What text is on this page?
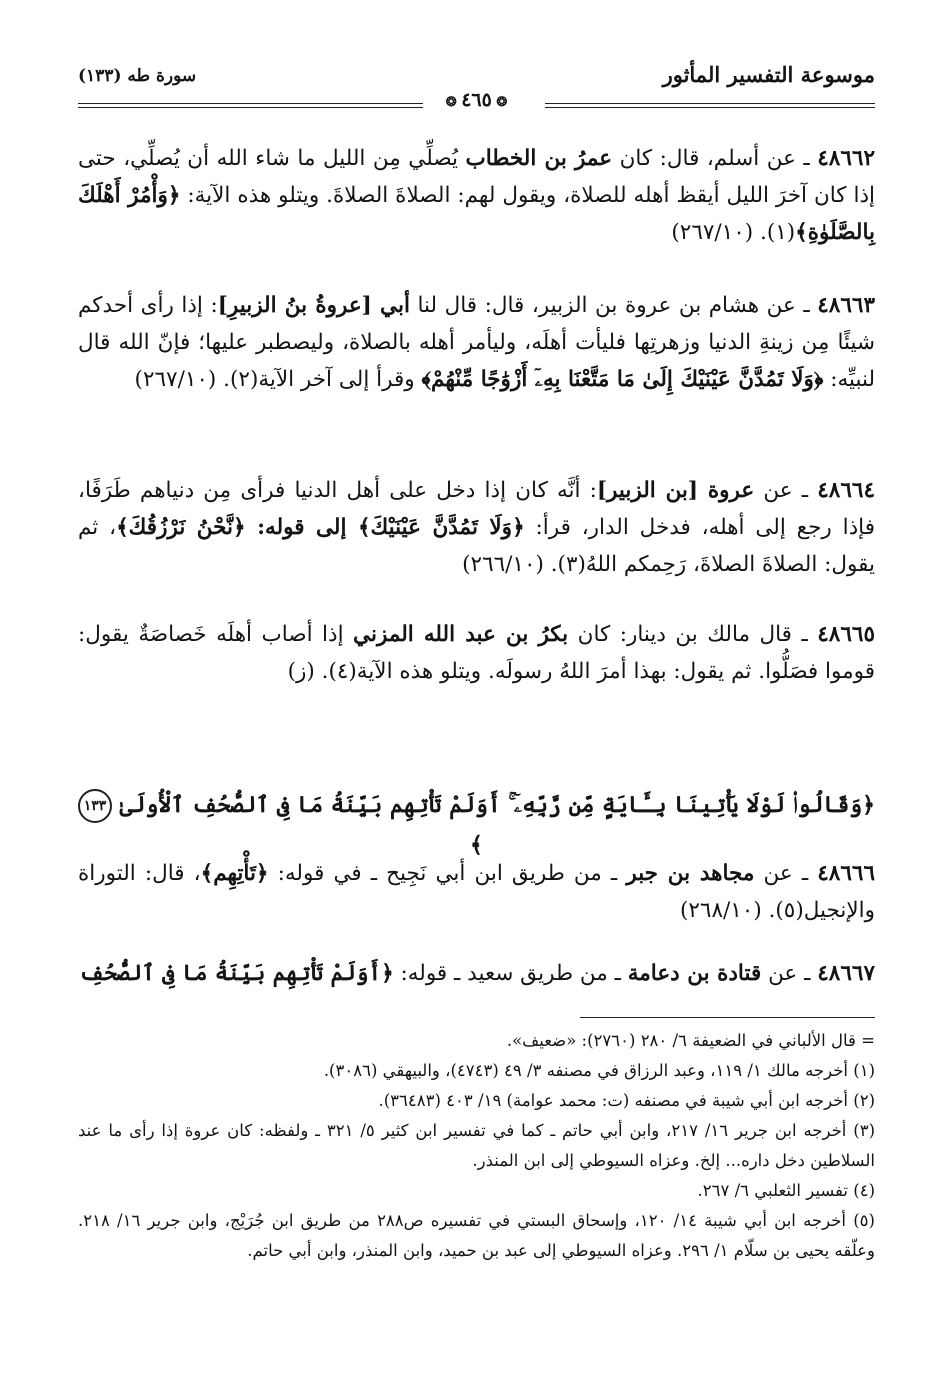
موسوعة التفسير المأثور
سورة طه (١٣٣)
❂ ٤٦٥ ❂

٤٨٦٦٢ ـ عن أسلم، قال: كان عمرُ بن الخطاب يُصلِّي مِن الليل ما شاء الله أن يُصلِّي، حتى إذا كان آخرَ الليل أيقظ أهله للصلاة، ويقول لهم: الصلاةَ الصلاةَ. ويتلو هذه الآية: ﴿وَأْمُرْ أَهْلَكَ بِالصَّلَوٰةِ﴾(١). (٢٦٧/١٠)

٤٨٦٦٣ ـ عن هشام بن عروة بن الزبير، قال: قال لنا أبي [عروةُ بنُ الزبيرِ]: إذا رأى أحدكم شيئًا مِن زينةِ الدنيا وزهرتِها فليأت أهلَه، وليأمر أهله بالصلاة، وليصطبر عليها؛ فإنّ الله قال لنبيِّه: ﴿وَلَا تَمُدَّنَّ عَيْنَيْكَ إِلَىٰ مَا مَتَّعْنَا بِهِۦٓ أَزْوَٰجًا مِّنْهُمْ﴾ وقرأ إلى آخر الآية(٢). (٢٦٧/١٠)

٤٨٦٦٤ ـ عن عروة [بن الزبير]: أنَّه كان إذا دخل على أهل الدنيا فرأى مِن دنياهم طَرَفًا، فإذا رجع إلى أهله، فدخل الدار، قرأ: ﴿وَلَا تَمُدَّنَّ عَيْنَيْكَ﴾ إلى قوله: ﴿نَّحْنُ نَرْزُقُكَ﴾، ثم يقول: الصلاةَ الصلاةَ، رَحِمكم اللهُ(٣). (٢٦٦/١٠)

٤٨٦٦٥ ـ قال مالك بن دينار: كان بكرُ بن عبد الله المزني إذا أصاب أهلَه خَصاصَةٌ يقول: قوموا فصَلُّوا. ثم يقول: بهذا أمرَ اللهُ رسولَه. ويتلو هذه الآية(٤). (ز)

﴿وَقَالُوا۟ لَوْلَا يَأْتِينَا بِـَٔايَةٍ مِّن رَّبِّهِۦٓ ۚ أَوَلَمْ تَأْتِهِم بَيِّنَةُ مَا فِى ٱلصُّحُفِ ٱلْأُولَىٰ ١٣٣﴾

٤٨٦٦٦ ـ عن مجاهد بن جبر ـ من طريق ابن أبي نَجِيح ـ في قوله: ﴿تَأْتِهِم﴾، قال: التوراة والإنجيل(٥). (٢٦٨/١٠)

٤٨٦٦٧ ـ عن قتادة بن دعامة ـ من طريق سعيد ـ قوله: ﴿أَوَلَمْ تَأْتِهِم بَيِّنَةُ مَا فِى ٱلصُّحُفِ

= قال الألباني في الضعيفة ٦/ ٢٨٠ (٢٧٦٠): «ضعيف».

(١) أخرجه مالك ١/ ١١٩، وعبد الرزاق في مصنفه ٣/ ٤٩ (٤٧٤٣)، والبيهقي (٣٠٨٦).

(٢) أخرجه ابن أبي شيبة في مصنفه (ت: محمد عوامة) ١٩/ ٤٠٣ (٣٦٤٨٣).

(٣) أخرجه ابن جرير ١٦/ ٢١٧، وابن أبي حاتم ـ كما في تفسير ابن كثير ٥/ ٣٢١ ـ ولفظه: كان عروة إذا رأى ما عند السلاطين دخل داره... إلخ. وعزاه السيوطي إلى ابن المنذر.

(٤) تفسير الثعلبي ٦/ ٢٦٧.

(٥) أخرجه ابن أبي شيبة ١٤/ ١٢٠، وإسحاق البستي في تفسيره ص٢٨٨ من طريق ابن جُرَيْج، وابن جرير ١٦/ ٢١٨. وعلّقه يحيى بن سلّام ١/ ٢٩٦. وعزاه السيوطي إلى عبد بن حميد، وابن المنذر، وابن أبي حاتم.
